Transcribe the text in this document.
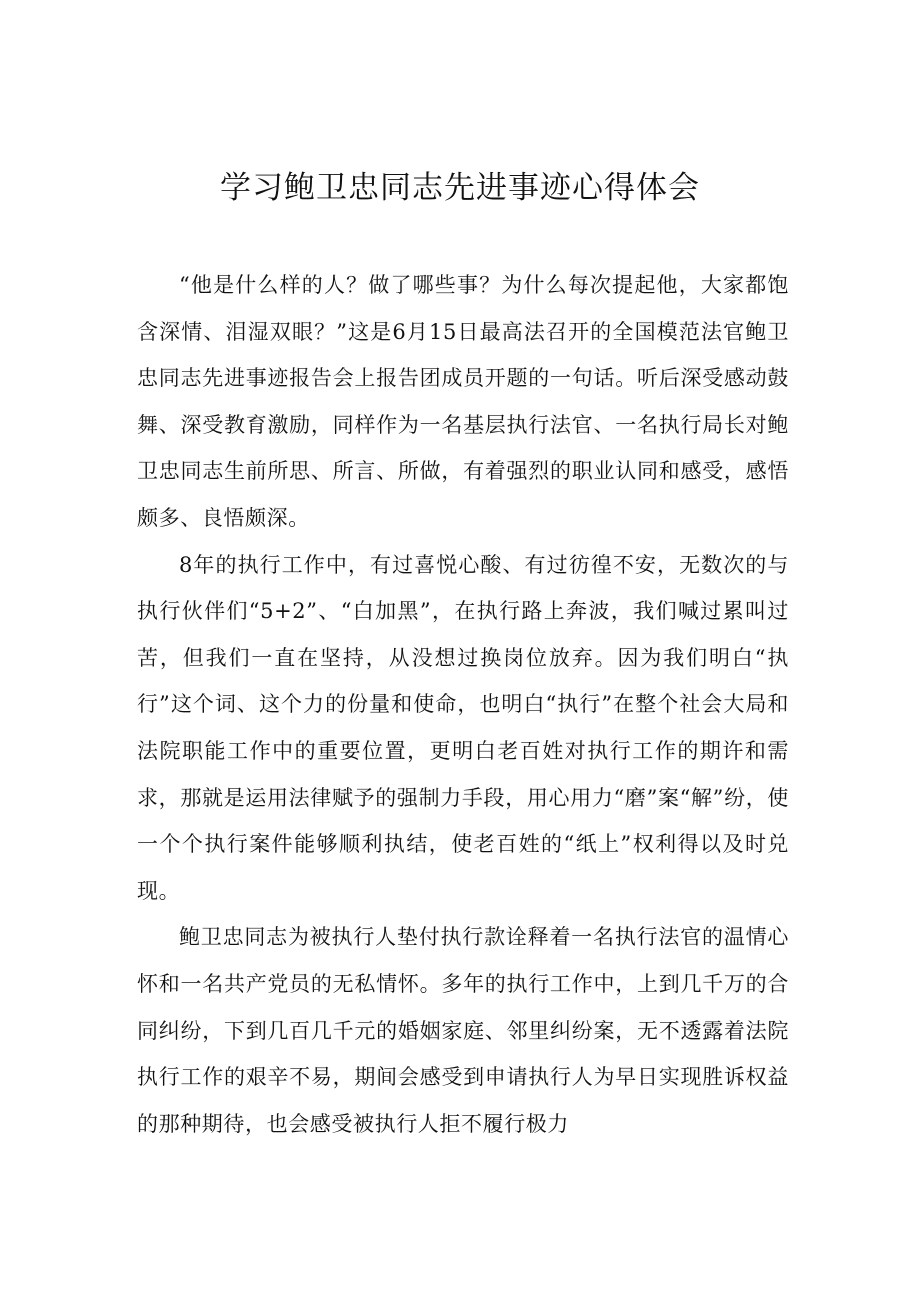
学习鲍卫忠同志先进事迹心得体会

“他是什么样的人？做了哪些事？为什么每次提起他，大家都饱含深情、泪湿双眼？”这是6月15日最高法召开的全国模范法官鲍卫忠同志先进事迹报告会上报告团成员开题的一句话。听后深受感动鼓舞、深受教育激励，同样作为一名基层执行法官、一名执行局长对鲍卫忠同志生前所思、所言、所做，有着强烈的职业认同和感受，感悟颇多、良悟颇深。

8年的执行工作中，有过喜悦心酸、有过彷徨不安，无数次的与执行伙伴们“5+2”、“白加黑”，在执行路上奔波，我们喊过累叫过苦，但我们一直在坚持，从没想过换岗位放弃。因为我们明白“执行”这个词、这个力的份量和使命，也明白“执行”在整个社会大局和法院职能工作中的重要位置，更明白老百姓对执行工作的期许和需求，那就是运用法律赋予的强制力手段，用心用力“磨”案“解”纷，使一个个执行案件能够顺利执结，使老百姓的“纸上”权利得以及时兑现。

鲍卫忠同志为被执行人垫付执行款诠释着一名执行法官的温情心怀和一名共产党员的无私情怀。多年的执行工作中，上到几千万的合同纠纷，下到几百几千元的婚姻家庭、邻里纠纷案，无不透露着法院执行工作的艰辛不易，期间会感受到申请执行人为早日实现胜诉权益的那种期待，也会感受被执行人拒不履行极力
